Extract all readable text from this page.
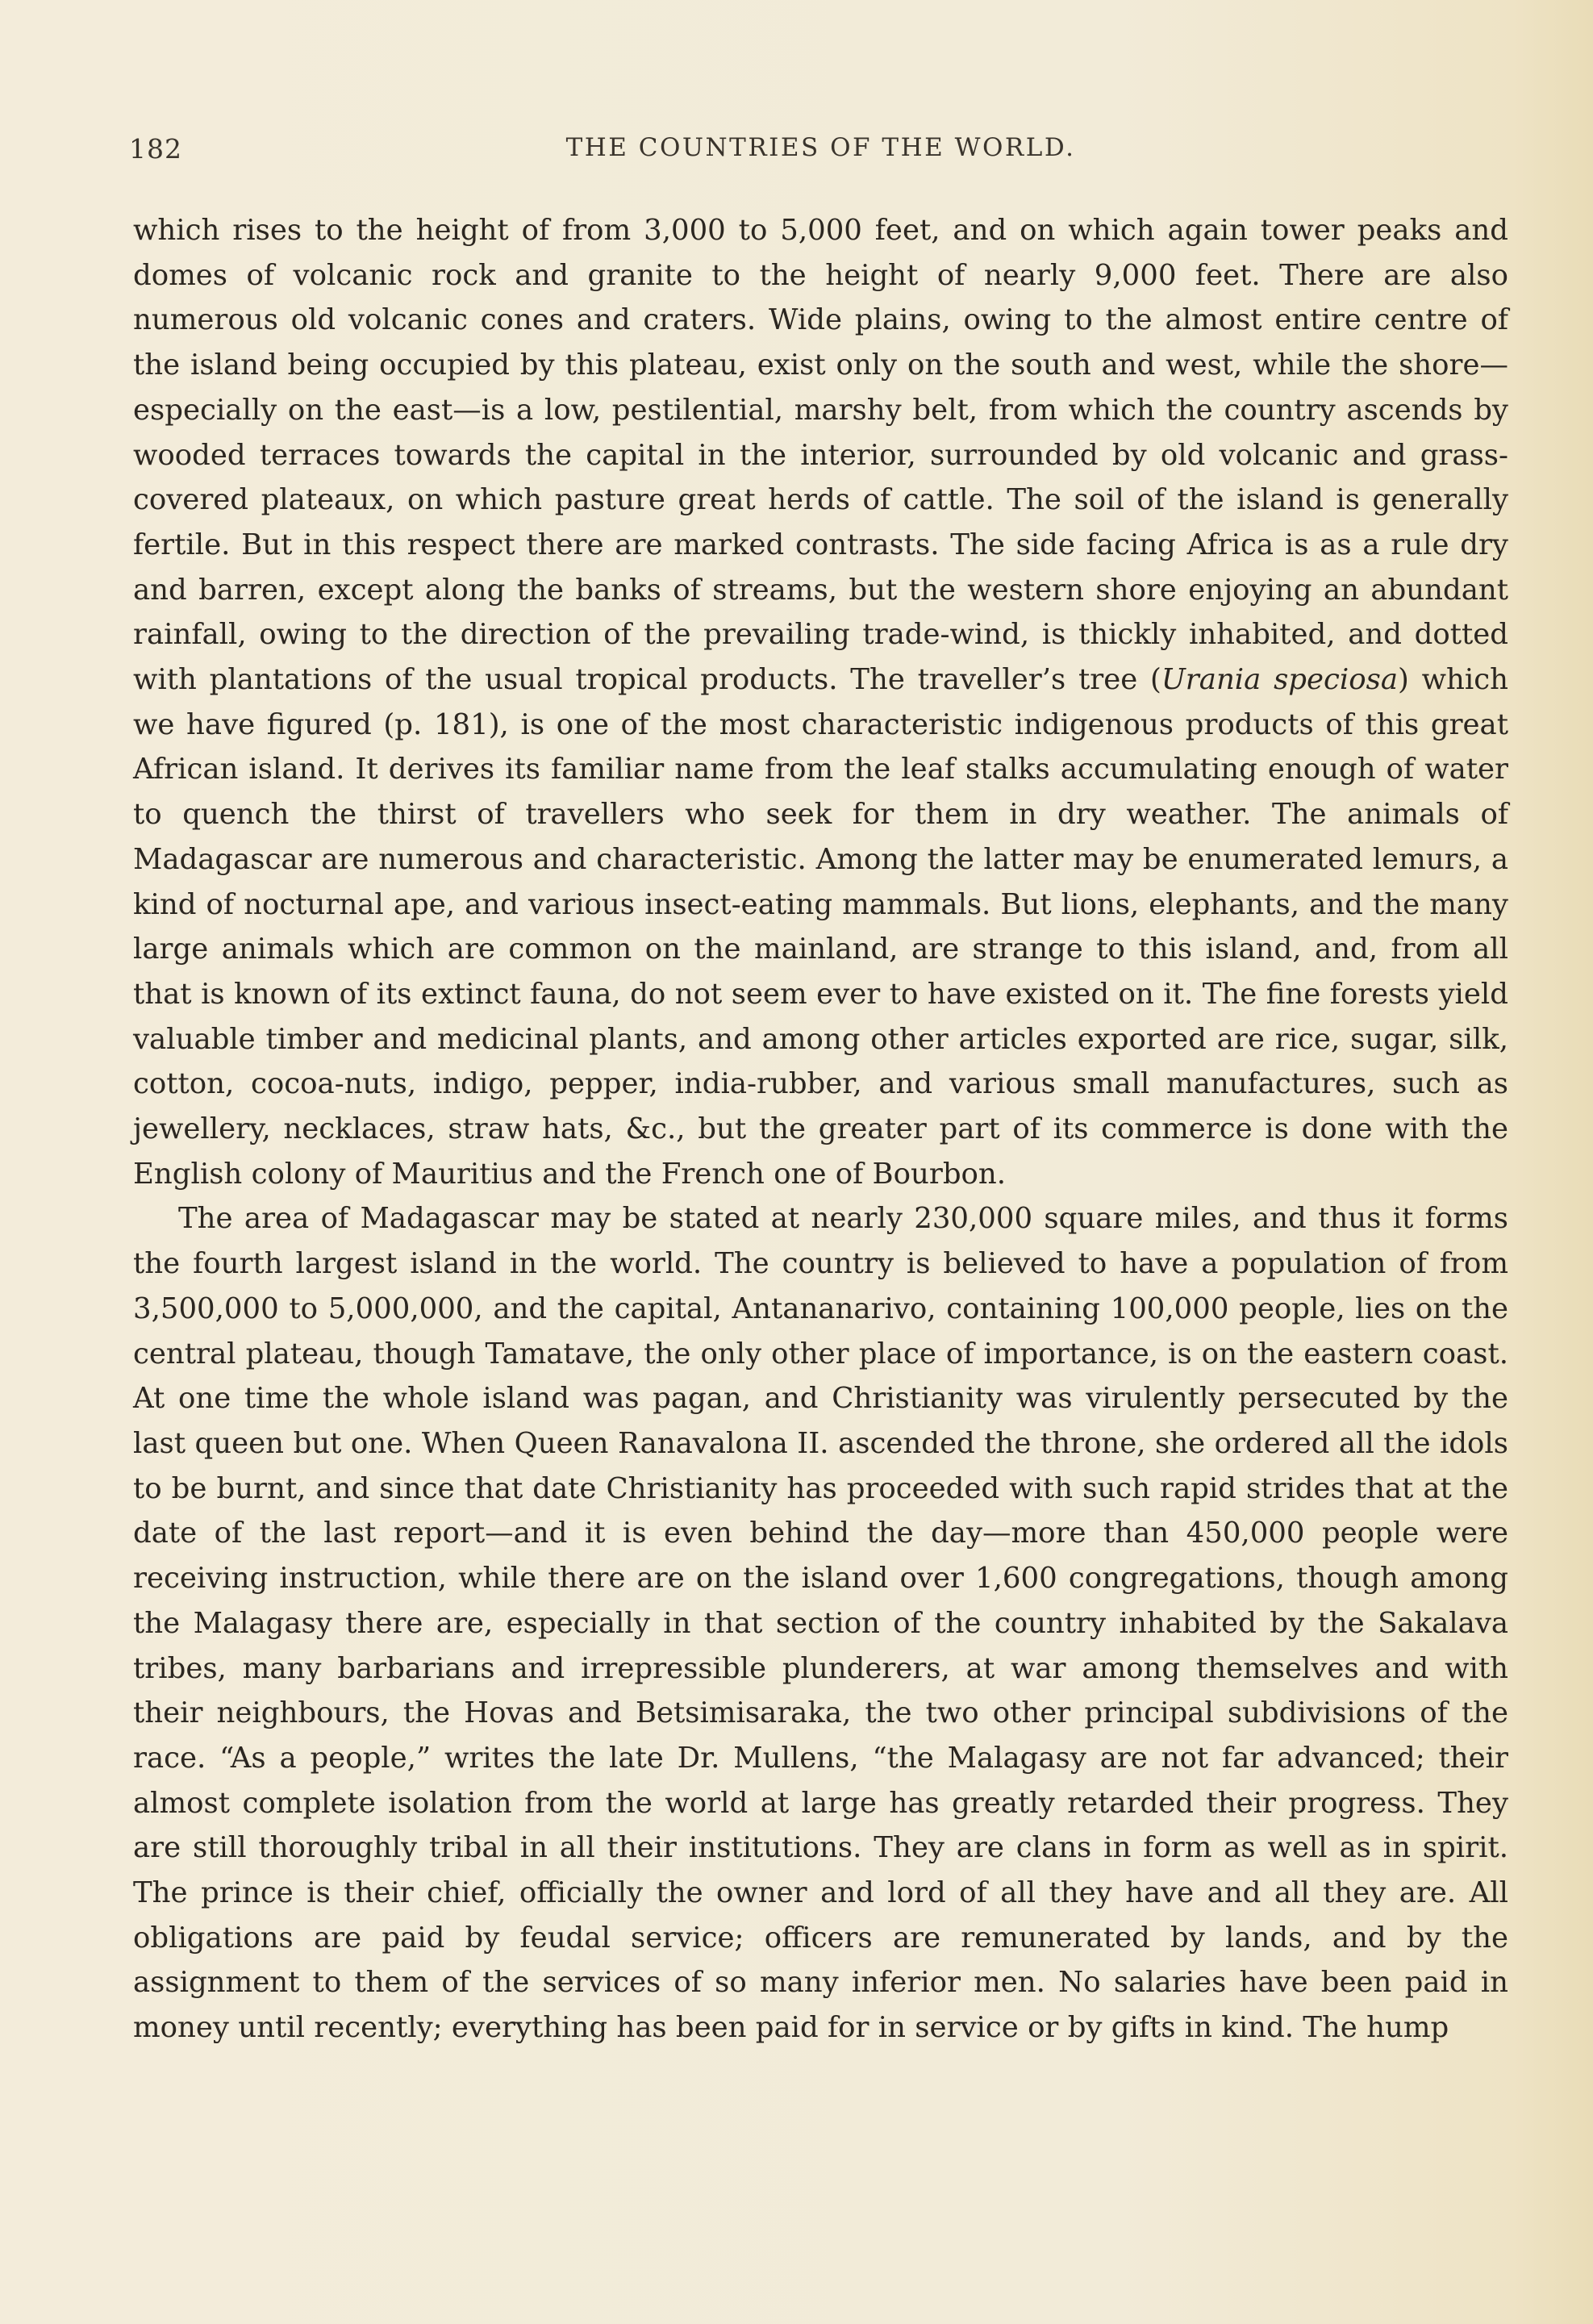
182	THE COUNTRIES OF THE WORLD.

which rises to the height of from 3,000 to 5,000 feet, and on which again tower peaks and domes of volcanic rock and granite to the height of nearly 9,000 feet. There are also numerous old volcanic cones and craters. Wide plains, owing to the almost entire centre of the island being occupied by this plateau, exist only on the south and west, while the shore—especially on the east—is a low, pestilential, marshy belt, from which the country ascends by wooded terraces towards the capital in the interior, surrounded by old volcanic and grass-covered plateaux, on which pasture great herds of cattle. The soil of the island is generally fertile. But in this respect there are marked contrasts. The side facing Africa is as a rule dry and barren, except along the banks of streams, but the western shore enjoying an abundant rainfall, owing to the direction of the prevailing trade-wind, is thickly inhabited, and dotted with plantations of the usual tropical products. The traveller’s tree (Urania speciosa) which we have figured (p. 181), is one of the most characteristic indigenous products of this great African island. It derives its familiar name from the leaf stalks accumulating enough of water to quench the thirst of travellers who seek for them in dry weather. The animals of Madagascar are numerous and characteristic. Among the latter may be enumerated lemurs, a kind of nocturnal ape, and various insect-eating mammals. But lions, elephants, and the many large animals which are common on the mainland, are strange to this island, and, from all that is known of its extinct fauna, do not seem ever to have existed on it. The fine forests yield valuable timber and medicinal plants, and among other articles exported are rice, sugar, silk, cotton, cocoa-nuts, indigo, pepper, india-rubber, and various small manufactures, such as jewellery, necklaces, straw hats, &c., but the greater part of its commerce is done with the English colony of Mauritius and the French one of Bourbon.

The area of Madagascar may be stated at nearly 230,000 square miles, and thus it forms the fourth largest island in the world. The country is believed to have a population of from 3,500,000 to 5,000,000, and the capital, Antananarivo, containing 100,000 people, lies on the central plateau, though Tamatave, the only other place of importance, is on the eastern coast. At one time the whole island was pagan, and Christianity was virulently persecuted by the last queen but one. When Queen Ranavalona II. ascended the throne, she ordered all the idols to be burnt, and since that date Christianity has proceeded with such rapid strides that at the date of the last report—and it is even behind the day—more than 450,000 people were receiving instruction, while there are on the island over 1,600 congregations, though among the Malagasy there are, especially in that section of the country inhabited by the Sakalava tribes, many barbarians and irrepressible plunderers, at war among themselves and with their neighbours, the Hovas and Betsimisaraka, the two other principal subdivisions of the race. “As a people,” writes the late Dr. Mullens, “the Malagasy are not far advanced; their almost complete isolation from the world at large has greatly retarded their progress. They are still thoroughly tribal in all their institutions. They are clans in form as well as in spirit. The prince is their chief, officially the owner and lord of all they have and all they are. All obligations are paid by feudal service; officers are remunerated by lands, and by the assignment to them of the services of so many inferior men. No salaries have been paid in money until recently; everything has been paid for in service or by gifts in kind. The hump
